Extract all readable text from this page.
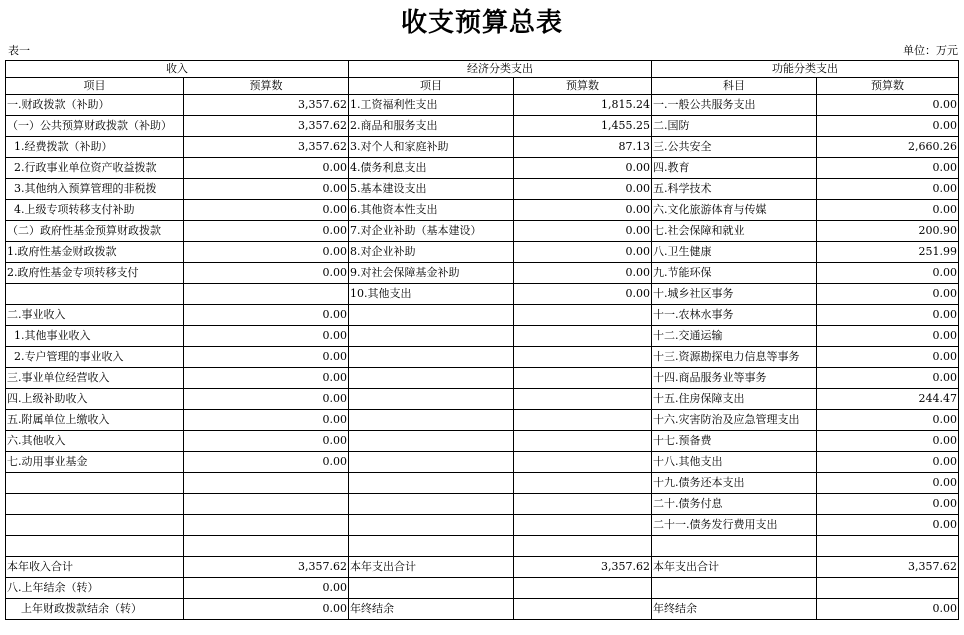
收支预算总表
表一	单位：万元
收入		经济分类支出		功能分类支出	
项目	预算数	项目	预算数	科目	预算数
一.财政拨款（补助）	3,357.62	1.工资福利性支出	1,815.24	一.一般公共服务支出	0.00
（一）公共预算财政拨款（补助）	3,357.62	2.商品和服务支出	1,455.25	二.国防	0.00
1.经费拨款（补助）	3,357.62	3.对个人和家庭补助	87.13	三.公共安全	2,660.26
2.行政事业单位资产收益拨款	0.00	4.债务利息支出	0.00	四.教育	0.00
3.其他纳入预算管理的非税拨	0.00	5.基本建设支出	0.00	五.科学技术	0.00
4.上级专项转移支付补助	0.00	6.其他资本性支出	0.00	六.文化旅游体育与传媒	0.00
（二）政府性基金预算财政拨款	0.00	7.对企业补助（基本建设）	0.00	七.社会保障和就业	200.90
1.政府性基金财政拨款	0.00	8.对企业补助	0.00	八.卫生健康	251.99
2.政府性基金专项转移支付	0.00	9.对社会保障基金补助	0.00	九.节能环保	0.00
		10.其他支出	0.00	十.城乡社区事务	0.00
二.事业收入	0.00			十一.农林水事务	0.00
1.其他事业收入	0.00			十二.交通运输	0.00
2.专户管理的事业收入	0.00			十三.资源勘探电力信息等事务	0.00
三.事业单位经营收入	0.00			十四.商品服务业等事务	0.00
四.上级补助收入	0.00			十五.住房保障支出	244.47
五.附属单位上缴收入	0.00			十六.灾害防治及应急管理支出	0.00
六.其他收入	0.00			十七.预备费	0.00
七.动用事业基金	0.00			十八.其他支出	0.00
				十九.债务还本支出	0.00
				二十.债务付息	0.00
				二十一.债务发行费用支出	0.00

本年收入合计	3,357.62	本年支出合计	3,357.62	本年支出合计	3,357.62
八.上年结余（转）	0.00				
上年财政拨款结余（转）	0.00	年终结余		年终结余	0.00
